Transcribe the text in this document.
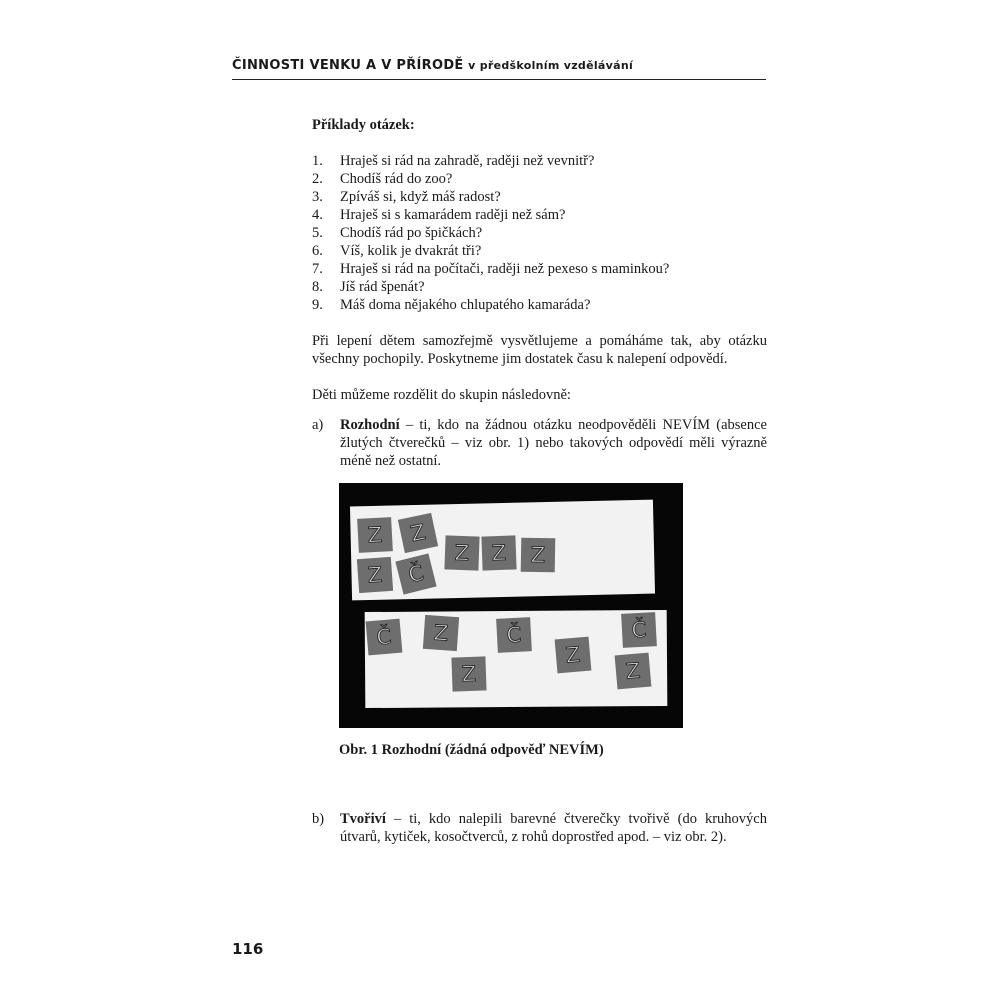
ČINNOSTI VENKU A V PŘÍRODĚ v předškolním vzdělávání
Příklady otázek:
1.	Hraješ si rád na zahradě, raději než vevnitř?
2.	Chodíš rád do zoo?
3.	Zpíváš si, když máš radost?
4.	Hraješ si s kamarádem raději než sám?
5.	Chodíš rád po špičkách?
6.	Víš, kolik je dvakrát tři?
7.	Hraješ si rád na počítači, raději než pexeso s maminkou?
8.	Jíš rád špenát?
9.	Máš doma nějakého chlupatého kamaráda?

Při lepení dětem samozřejmě vysvětlujeme a pomáháme tak, aby otázku všechny pochopily. Poskytneme jim dostatek času k nalepení odpovědí.

Děti můžeme rozdělit do skupin následovně:

a)	Rozhodní – ti, kdo na žádnou otázku neodpověděli NEVÍM (absence žlutých čtverečků – viz obr. 1) nebo takových odpovědí měli výrazně méně než ostatní.
Z	Z
Z	Z	Z
Z	Č
Č	Z
Z
Č
Z
Č
Z
Obr. 1 Rozhodní (žádná odpověď NEVÍM)
b)	Tvořiví – ti, kdo nalepili barevné čtverečky tvořivě (do kruhových útvarů, kytiček, kosočtverců, z rohů doprostřed apod. – viz obr. 2).
116
